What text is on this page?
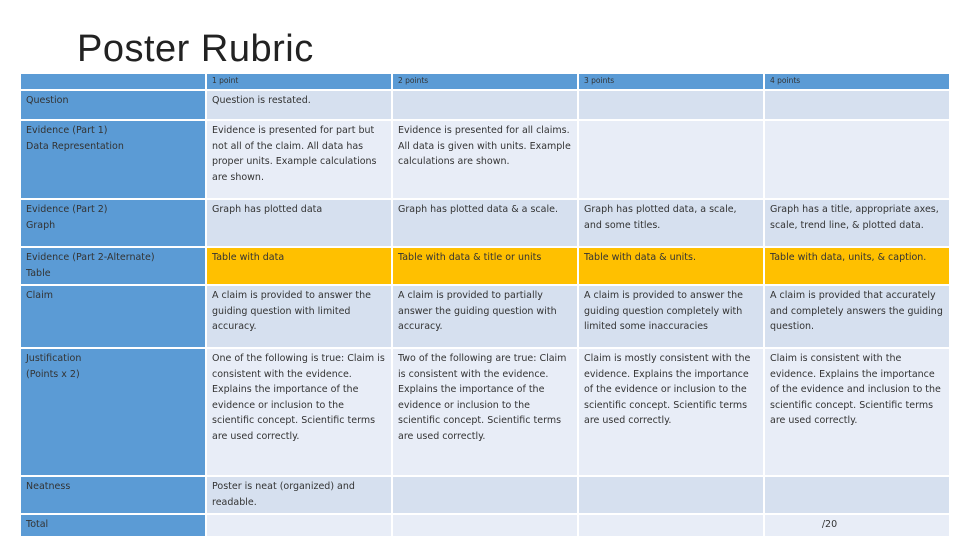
Poster Rubric
	1 point	2 points	3 points	4 points
Question	Question is restated.			
Evidence (Part 1)
Data Representation	Evidence is presented for part but not all of the claim. All data has proper units. Example calculations are shown.	Evidence is presented for all claims. All data is given with units. Example calculations are shown.		
Evidence (Part 2)
Graph	Graph has plotted data	Graph has plotted data & a scale.	Graph has plotted data, a scale, and some titles.	Graph has a title, appropriate axes, scale, trend line, & plotted data.
Evidence (Part 2-Alternate)
Table	Table with data	Table with data & title or units	Table with data & units.	Table with data, units, & caption.
Claim	A claim is provided to answer the guiding question with limited accuracy.	A claim is provided to partially answer the guiding question with accuracy.	A claim is provided to answer the guiding question completely with limited some inaccuracies	A claim is provided that accurately and completely answers the guiding question.
Justification
(Points x 2)	One of the following is true: Claim is consistent with the evidence. Explains the importance of the evidence or inclusion to the scientific concept. Scientific terms are used correctly.	Two of the following are true: Claim is consistent with the evidence. Explains the importance of the evidence or inclusion to the scientific concept. Scientific terms are used correctly.	Claim is mostly consistent with the evidence. Explains the importance of the evidence or inclusion to the scientific concept. Scientific terms are used correctly.	Claim is consistent with the evidence. Explains the importance of the evidence and inclusion to the scientific concept. Scientific terms are used correctly.
Neatness	Poster is neat (organized) and readable.			
Total				/20
